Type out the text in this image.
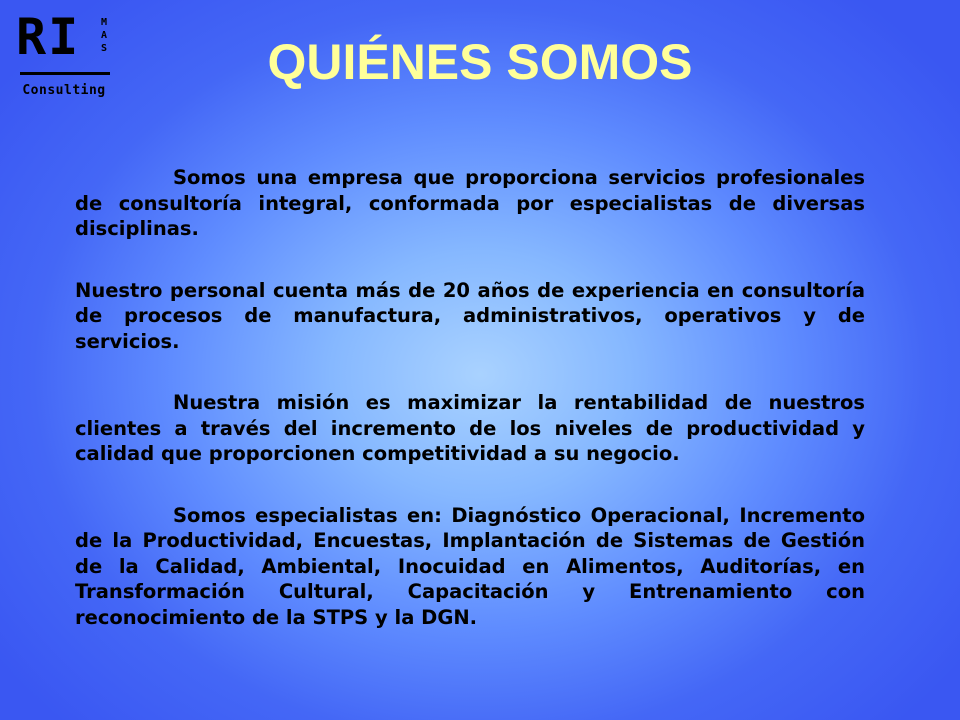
RI M
A
S
Consulting
QUIÉNES SOMOS

Somos una empresa que proporciona servicios profesionales de consultoría integral, conformada por especialistas de diversas disciplinas.

Nuestro personal cuenta más de 20 años de experiencia en consultoría de procesos de manufactura, administrativos, operativos y de servicios.

Nuestra misión es maximizar la rentabilidad de nuestros clientes a través del incremento de los niveles de productividad y calidad que proporcionen competitividad a su negocio.

Somos especialistas en: Diagnóstico Operacional, Incremento de la Productividad, Encuestas, Implantación de Sistemas de Gestión de la Calidad, Ambiental, Inocuidad en Alimentos, Auditorías, en Transformación Cultural, Capacitación y Entrenamiento con reconocimiento de la STPS y la DGN.
